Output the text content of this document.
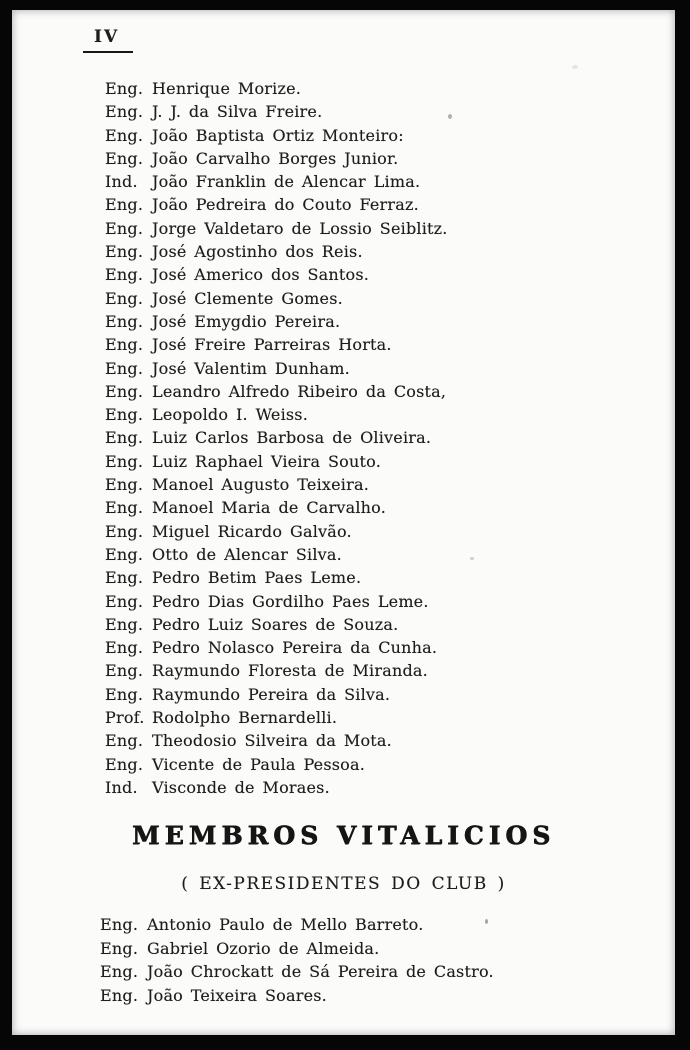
IV
Eng. Henrique Morize.
Eng. J. J. da Silva Freire.
Eng. João Baptista Ortiz Monteiro:
Eng. João Carvalho Borges Junior.
Ind. João Franklin de Alencar Lima.
Eng. João Pedreira do Couto Ferraz.
Eng. Jorge Valdetaro de Lossio Seiblitz.
Eng. José Agostinho dos Reis.
Eng. José Americo dos Santos.
Eng. José Clemente Gomes.
Eng. José Emygdio Pereira.
Eng. José Freire Parreiras Horta.
Eng. José Valentim Dunham.
Eng. Leandro Alfredo Ribeiro da Costa,
Eng. Leopoldo I. Weiss.
Eng. Luiz Carlos Barbosa de Oliveira.
Eng. Luiz Raphael Vieira Souto.
Eng. Manoel Augusto Teixeira.
Eng. Manoel Maria de Carvalho.
Eng. Miguel Ricardo Galvão.
Eng. Otto de Alencar Silva.
Eng. Pedro Betim Paes Leme.
Eng. Pedro Dias Gordilho Paes Leme.
Eng. Pedro Luiz Soares de Souza.
Eng. Pedro Nolasco Pereira da Cunha.
Eng. Raymundo Floresta de Miranda.
Eng. Raymundo Pereira da Silva.
Prof. Rodolpho Bernardelli.
Eng. Theodosio Silveira da Mota.
Eng. Vicente de Paula Pessoa.
Ind. Visconde de Moraes.
MEMBROS VITALICIOS
( EX-PRESIDENTES DO CLUB )
Eng. Antonio Paulo de Mello Barreto.
Eng. Gabriel Ozorio de Almeida.
Eng. João Chrockatt de Sá Pereira de Castro.
Eng. João Teixeira Soares.
